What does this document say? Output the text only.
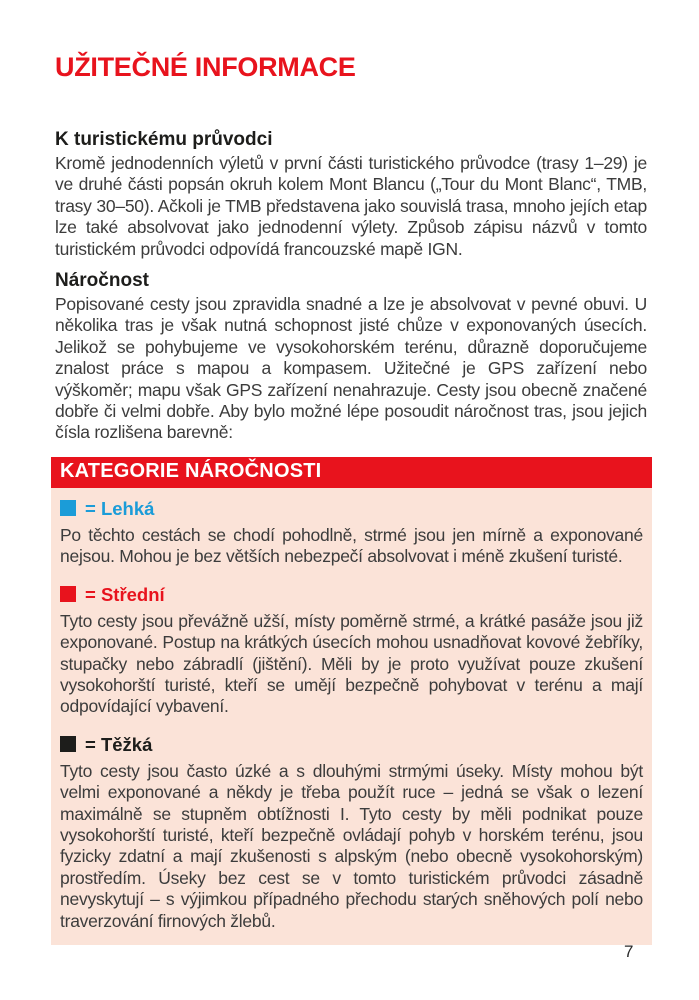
UŽITEČNÉ INFORMACE
K turistickému průvodci

Kromě jednodenních výletů v první části turistického průvodce (trasy 1–29) je ve druhé části popsán okruh kolem Mont Blancu („Tour du Mont Blanc“, TMB, trasy 30–50). Ačkoli je TMB představena jako souvislá trasa, mnoho jejích etap lze také absolvovat jako jednodenní výlety. Způsob zápisu názvů v tomto turistickém průvodci odpovídá francouzské mapě IGN.

Náročnost

Popisované cesty jsou zpravidla snadné a lze je absolvovat v pevné obuvi. U několika tras je však nutná schopnost jisté chůze v exponovaných úsecích. Jelikož se pohybujeme ve vysokohorském terénu, důrazně doporučujeme znalost práce s mapou a kompasem. Užitečné je GPS zařízení nebo výškoměr; mapu však GPS zařízení nenahrazuje. Cesty jsou obecně značené dobře či velmi dobře. Aby bylo možné lépe posoudit náročnost tras, jsou jejich čísla rozlišena barevně:

KATEGORIE NÁROČNOSTI
= Lehká

Po těchto cestách se chodí pohodlně, strmé jsou jen mírně a exponované nejsou. Mohou je bez větších nebezpečí absolvovat i méně zkušení turisté.

= Střední

Tyto cesty jsou převážně užší, místy poměrně strmé, a krátké pasáže jsou již exponované. Postup na krátkých úsecích mohou usnadňovat kovové žebříky, stupačky nebo zábradlí (jištění). Měli by je proto využívat pouze zkušení vysokohorští turisté, kteří se umějí bezpečně pohybovat v terénu a mají odpovídající vybavení.

= Těžká

Tyto cesty jsou často úzké a s dlouhými strmými úseky. Místy mohou být velmi exponované a někdy je třeba použít ruce – jedná se však o lezení maximálně se stupněm obtížnosti I. Tyto cesty by měli podnikat pouze vysokohorští turisté, kteří bezpečně ovládají pohyb v horském terénu, jsou fyzicky zdatní a mají zkušenosti s alpským (nebo obecně vysokohorským) prostředím. Úseky bez cest se v tomto turistickém průvodci zásadně nevyskytují – s výjimkou případného přechodu starých sněhových polí nebo traverzování firnových žlebů.

7
